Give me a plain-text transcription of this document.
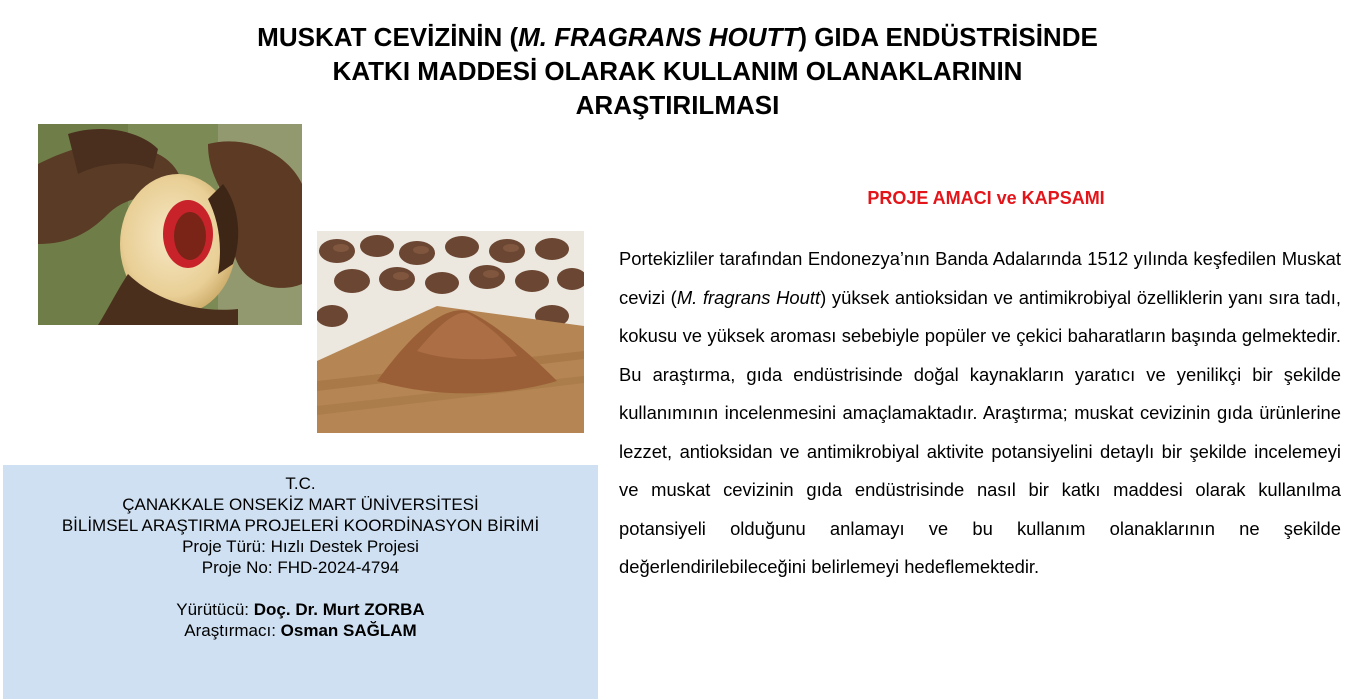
MUSKAT CEVİZİNİN (M. FRAGRANS HOUTT) GIDA ENDÜSTRİSİNDE
KATKI MADDESİ OLARAK KULLANIM OLANAKLARININ
ARAŞTIRILMASI
T.C.
ÇANAKKALE ONSEKİZ MART ÜNİVERSİTESİ
BİLİMSEL ARAŞTIRMA PROJELERİ KOORDİNASYON BİRİMİ
Proje Türü: Hızlı Destek Projesi
Proje No: FHD-2024-4794
Yürütücü: Doç. Dr. Murt ZORBA
Araştırmacı: Osman SAĞLAM
PROJE AMACI ve KAPSAMI

Portekizliler tarafından Endonezya’nın Banda Adalarında 1512 yılında keşfedilen Muskat cevizi (M. fragrans Houtt) yüksek antioksidan ve antimikrobiyal özelliklerin yanı sıra tadı, kokusu ve yüksek aroması sebebiyle popüler ve çekici baharatların başında gelmektedir. Bu araştırma, gıda endüstrisinde doğal kaynakların yaratıcı ve yenilikçi bir şekilde kullanımının incelenmesini amaçlamaktadır. Araştırma; muskat cevizinin gıda ürünlerine lezzet, antioksidan ve antimikrobiyal aktivite potansiyelini detaylı bir şekilde incelemeyi ve muskat cevizinin gıda endüstrisinde nasıl bir katkı maddesi olarak kullanılma potansiyeli olduğunu anlamayı ve bu kullanım olanaklarının ne şekilde değerlendirilebileceğini belirlemeyi hedeflemektedir.
